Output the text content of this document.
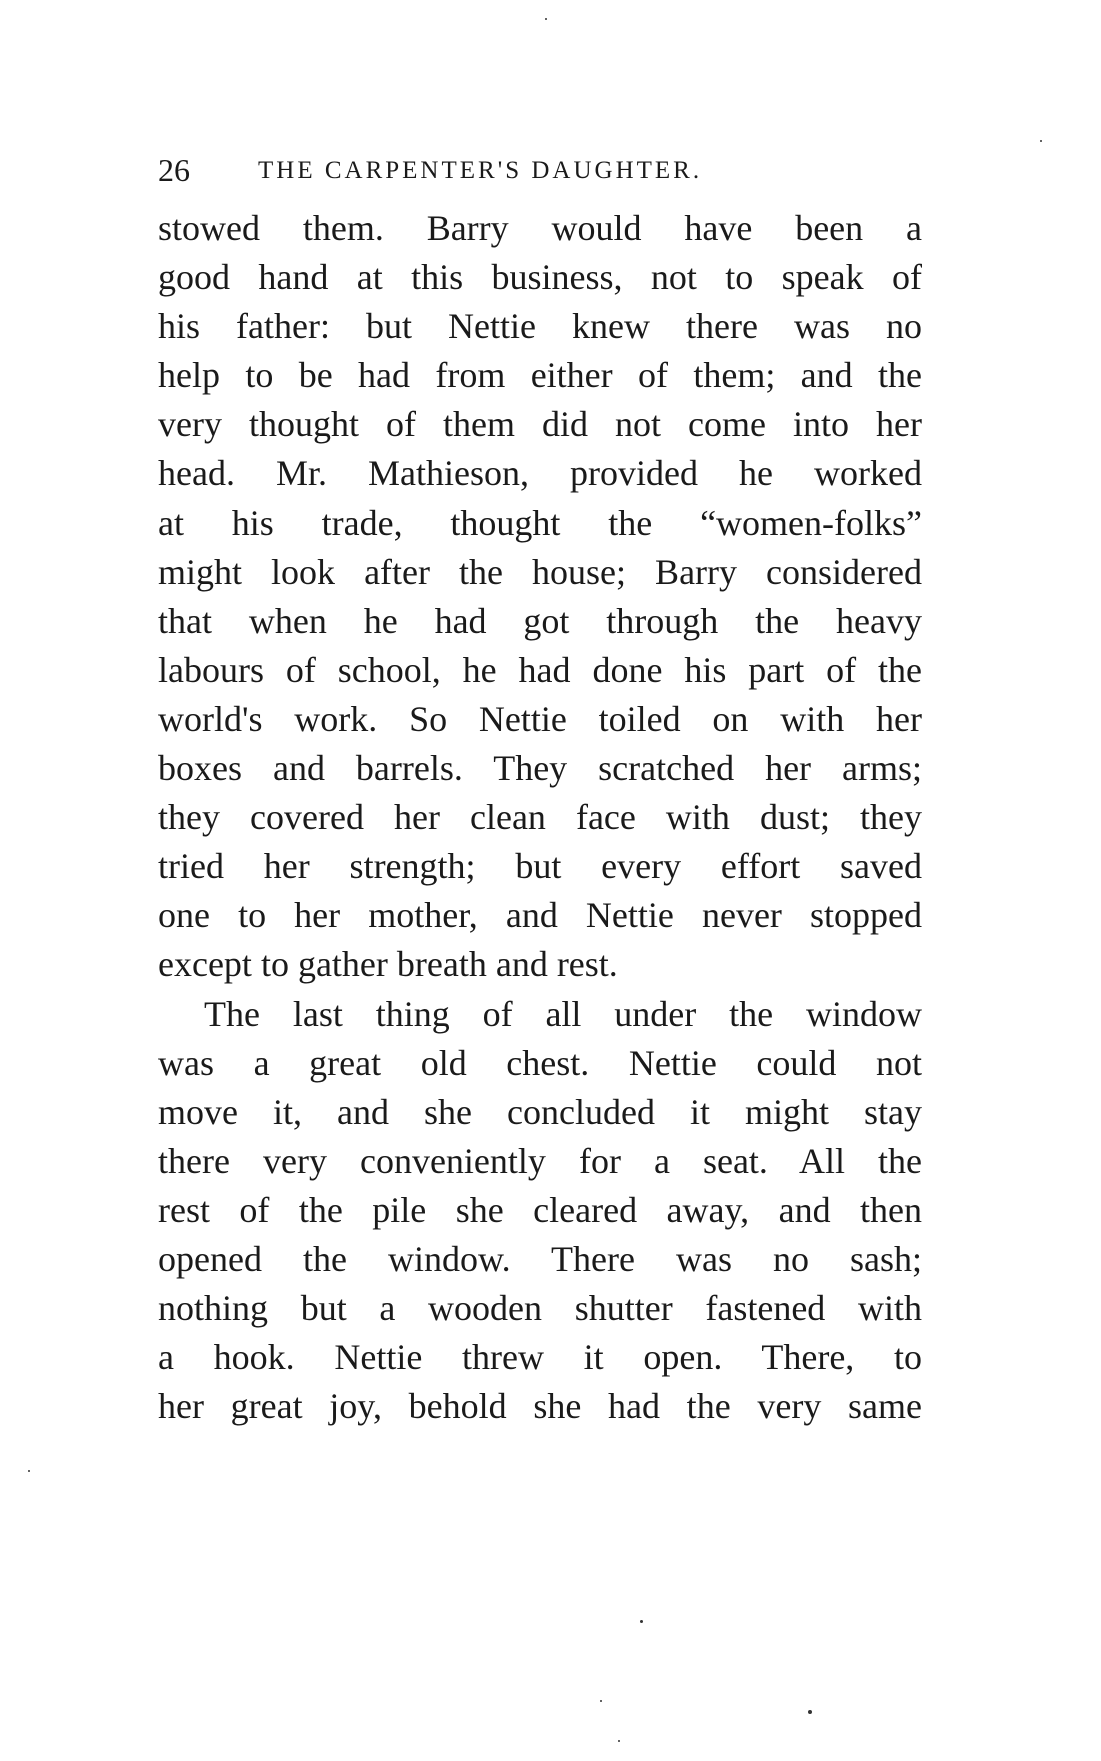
26	THE CARPENTER'S DAUGHTER.
stowed them. Barry would have been a
good hand at this business, not to speak of
his father: but Nettie knew there was no
help to be had from either of them; and the
very thought of them did not come into her
head. Mr. Mathieson, provided he worked
at his trade, thought the “women-folks”
might look after the house; Barry considered
that when he had got through the heavy
labours of school, he had done his part of the
world's work. So Nettie toiled on with her
boxes and barrels. They scratched her arms;
they covered her clean face with dust; they
tried her strength; but every effort saved
one to her mother, and Nettie never stopped
except to gather breath and rest.
The last thing of all under the window
was a great old chest. Nettie could not
move it, and she concluded it might stay
there very conveniently for a seat. All the
rest of the pile she cleared away, and then
opened the window. There was no sash;
nothing but a wooden shutter fastened with
a hook. Nettie threw it open. There, to
her great joy, behold she had the very same
